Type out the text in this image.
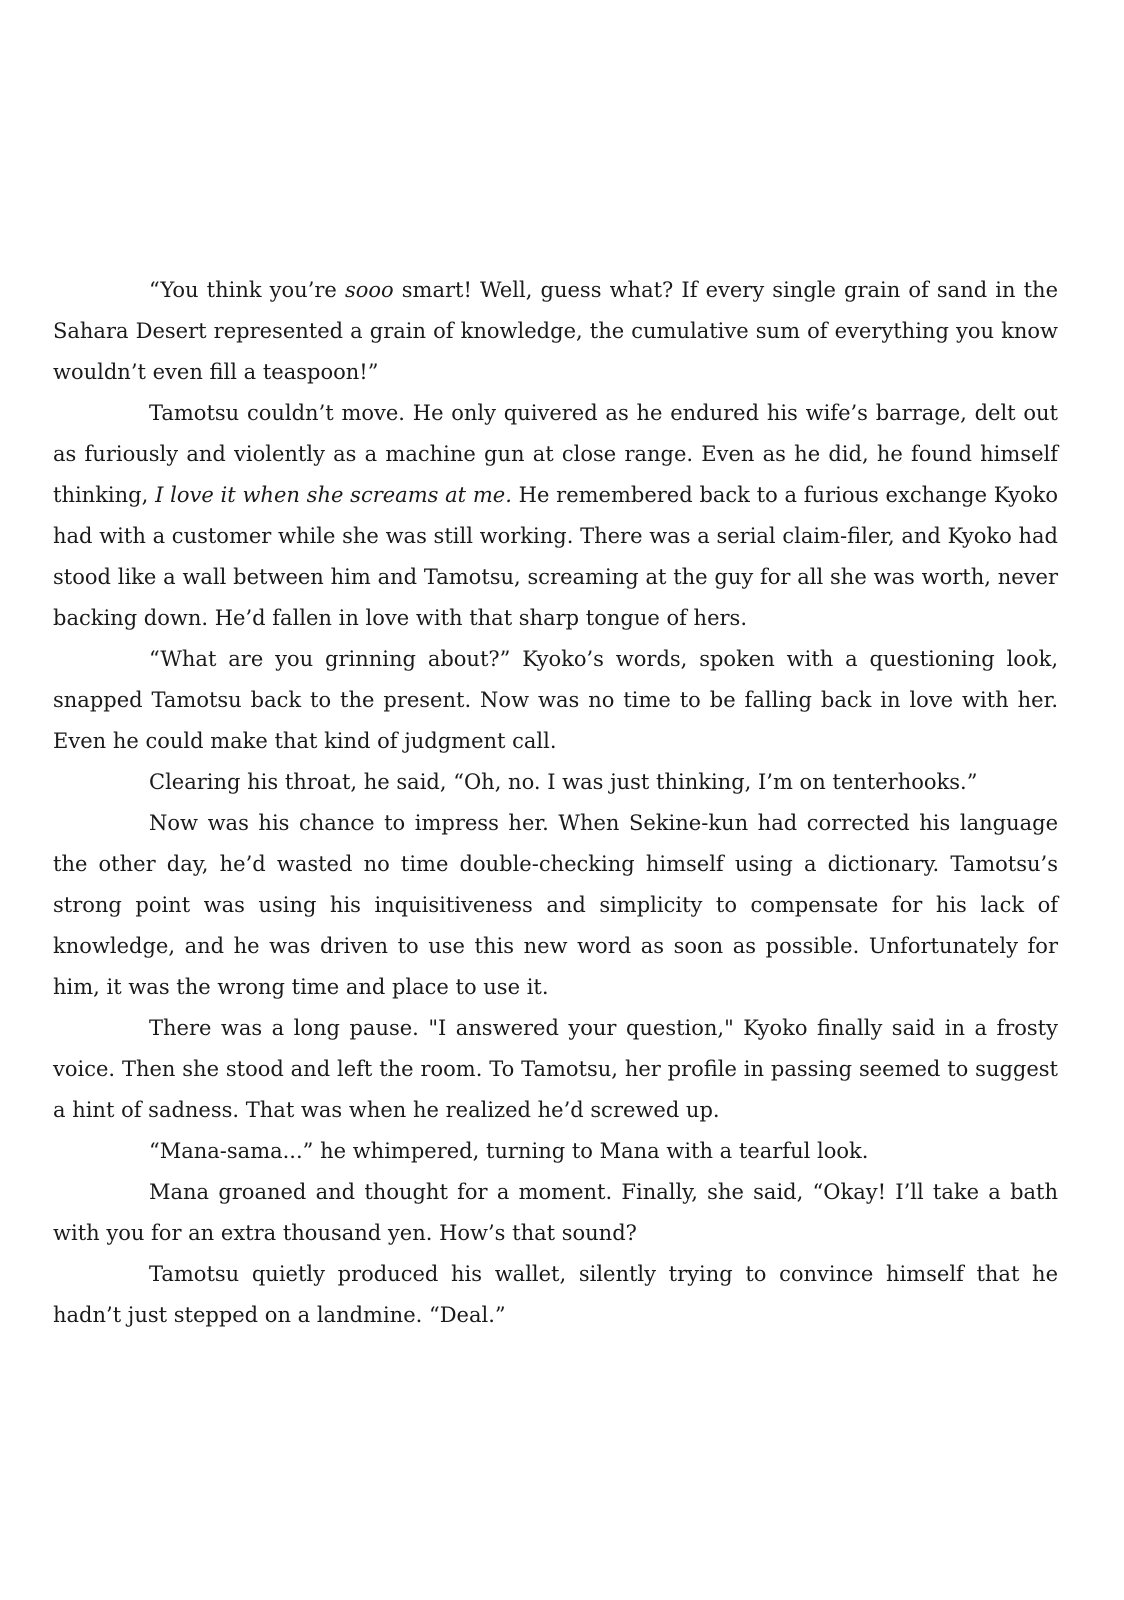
“You think you’re sooo smart! Well, guess what? If every single grain of sand in the Sahara Desert represented a grain of knowledge, the cumulative sum of everything you know wouldn’t even fill a teaspoon!”

Tamotsu couldn’t move. He only quivered as he endured his wife’s barrage, delt out as furiously and violently as a machine gun at close range. Even as he did, he found himself thinking, I love it when she screams at me. He remembered back to a furious exchange Kyoko had with a customer while she was still working. There was a serial claim-filer, and Kyoko had stood like a wall between him and Tamotsu, screaming at the guy for all she was worth, never backing down. He’d fallen in love with that sharp tongue of hers.

“What are you grinning about?” Kyoko’s words, spoken with a questioning look, snapped Tamotsu back to the present. Now was no time to be falling back in love with her. Even he could make that kind of judgment call.

Clearing his throat, he said, “Oh, no. I was just thinking, I’m on tenterhooks.”

Now was his chance to impress her. When Sekine-kun had corrected his language the other day, he’d wasted no time double-checking himself using a dictionary. Tamotsu’s strong point was using his inquisitiveness and simplicity to compensate for his lack of knowledge, and he was driven to use this new word as soon as possible. Unfortunately for him, it was the wrong time and place to use it.

There was a long pause. "I answered your question," Kyoko finally said in a frosty voice. Then she stood and left the room. To Tamotsu, her profile in passing seemed to suggest a hint of sadness. That was when he realized he’d screwed up.

“Mana-sama...” he whimpered, turning to Mana with a tearful look.

Mana groaned and thought for a moment. Finally, she said, “Okay! I’ll take a bath with you for an extra thousand yen. How’s that sound?

Tamotsu quietly produced his wallet, silently trying to convince himself that he hadn’t just stepped on a landmine. “Deal.”
